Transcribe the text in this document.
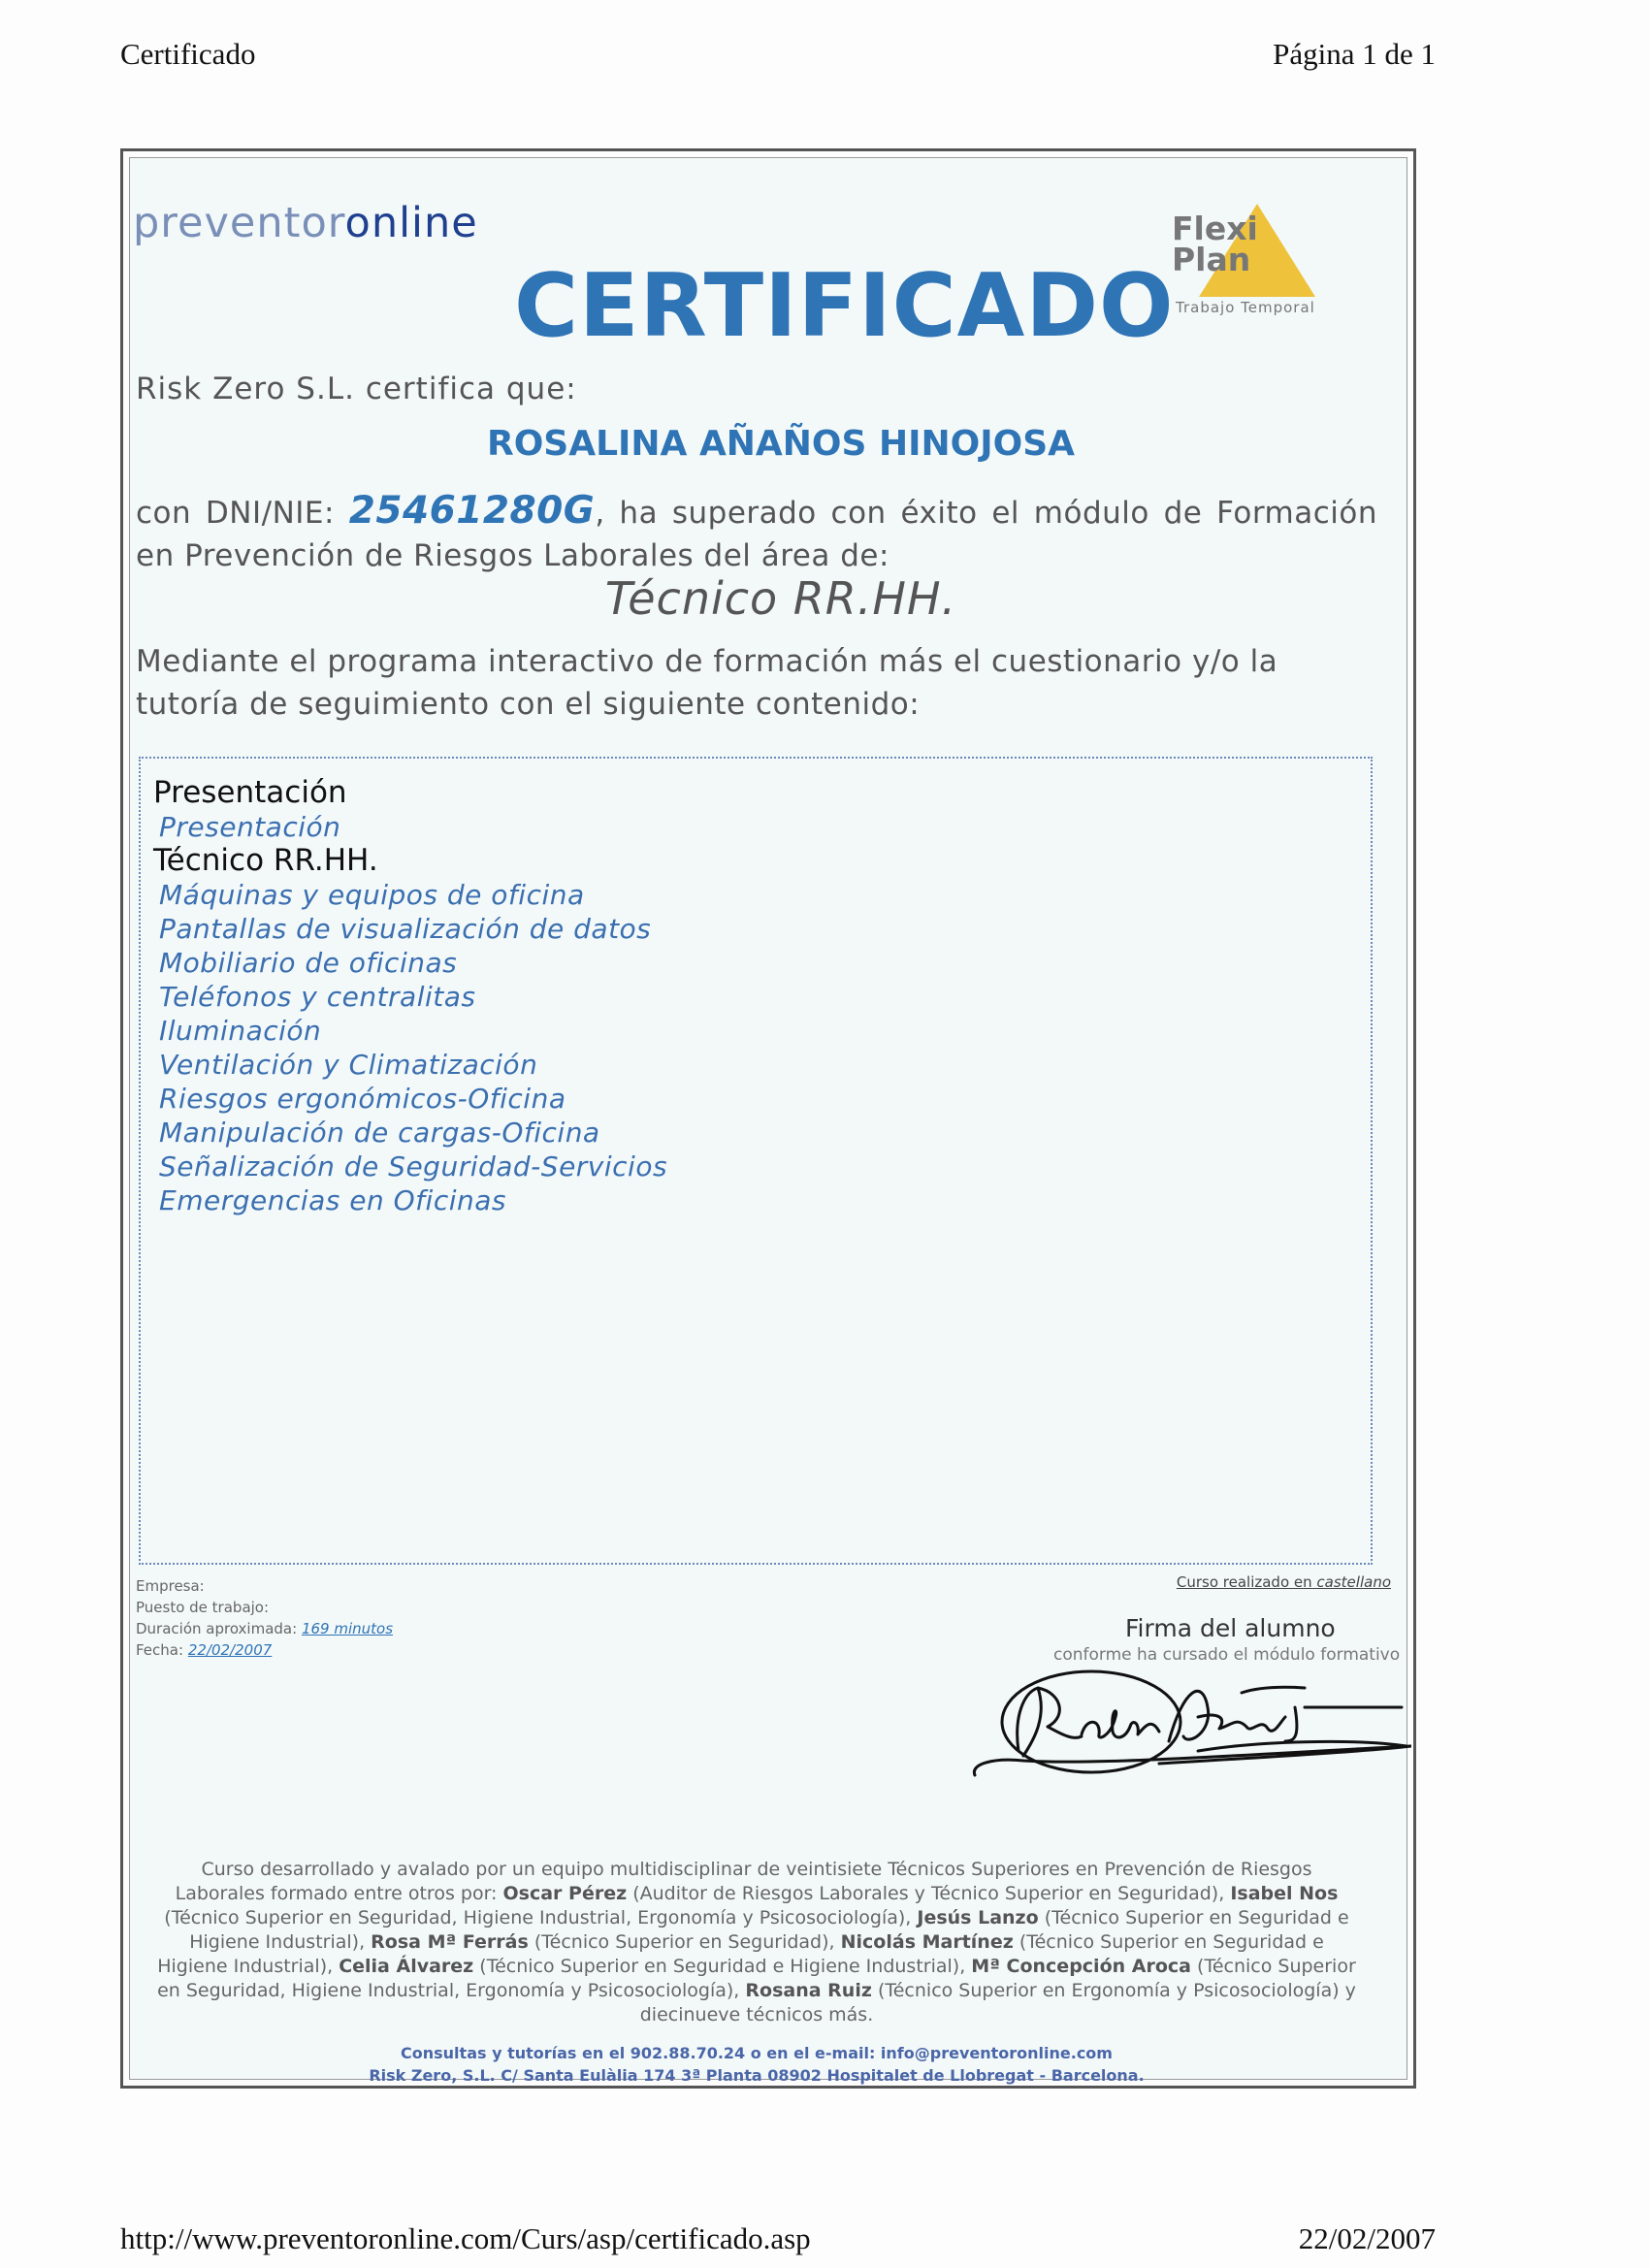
Certificado	Página 1 de 1
preventoronline	Flexi
Plan
Trabajo Temporal
CERTIFICADO
Risk Zero S.L. certifica que:
ROSALINA AÑAÑOS HINOJOSA
con DNI/NIE: 25461280G, ha superado con éxito el módulo de Formación en Prevención de Riesgos Laborales del área de:
Técnico RR.HH.
Mediante el programa interactivo de formación más el cuestionario y/o la tutoría de seguimiento con el siguiente contenido:
Presentación
Presentación
Técnico RR.HH.
Máquinas y equipos de oficina
Pantallas de visualización de datos
Mobiliario de oficinas
Teléfonos y centralitas
Iluminación
Ventilación y Climatización
Riesgos ergonómicos-Oficina
Manipulación de cargas-Oficina
Señalización de Seguridad-Servicios
Emergencias en Oficinas
Empresa:
Puesto de trabajo:
Duración aproximada: 169 minutos
Fecha: 22/02/2007
Curso realizado en castellano
Firma del alumno
conforme ha cursado el módulo formativo
Curso desarrollado y avalado por un equipo multidisciplinar de veintisiete Técnicos Superiores en Prevención de Riesgos Laborales formado entre otros por: Oscar Pérez (Auditor de Riesgos Laborales y Técnico Superior en Seguridad), Isabel Nos (Técnico Superior en Seguridad, Higiene Industrial, Ergonomía y Psicosociología), Jesús Lanzo (Técnico Superior en Seguridad e Higiene Industrial), Rosa Mª Ferrás (Técnico Superior en Seguridad), Nicolás Martínez (Técnico Superior en Seguridad e Higiene Industrial), Celia Álvarez (Técnico Superior en Seguridad e Higiene Industrial), Mª Concepción Aroca (Técnico Superior en Seguridad, Higiene Industrial, Ergonomía y Psicosociología), Rosana Ruiz (Técnico Superior en Ergonomía y Psicosociología) y diecinueve técnicos más.
Consultas y tutorías en el 902.88.70.24 o en el e-mail: info@preventoronline.com
Risk Zero, S.L. C/ Santa Eulàlia 174 3ª Planta 08902 Hospitalet de Llobregat - Barcelona.
http://www.preventoronline.com/Curs/asp/certificado.asp	22/02/2007
